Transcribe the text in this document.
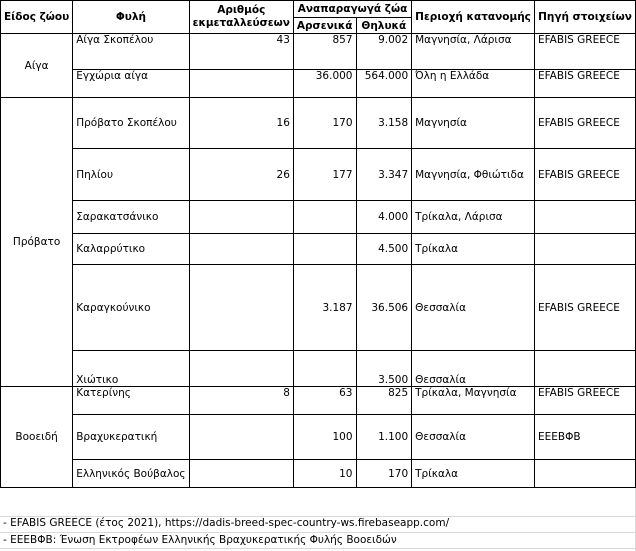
Είδος ζώου	Φυλή	Αριθμός εκμεταλλεύσεων	Αναπαραγωγά ζώα		Περιοχή κατανομής	Πηγή στοιχείων
			Αρσενικά	Θηλυκά		
Αίγα	Αίγα Σκοπέλου	43	857	9.002	Μαγνησία, Λάρισα	EFABIS GREECE
	Εγχώρια αίγα		36.000	564.000	Όλη η Ελλάδα	EFABIS GREECE
Πρόβατο	Πρόβατο Σκοπέλου	16	170	3.158	Μαγνησία	EFABIS GREECE
	Πηλίου	26	177	3.347	Μαγνησία, Φθιώτιδα	EFABIS GREECE
	Σαρακατσάνικο			4.000	Τρίκαλα, Λάρισα	
	Καλαρρύτικο			4.500	Τρίκαλα	
	Καραγκούνικο		3.187	36.506	Θεσσαλία	EFABIS GREECE
	Χιώτικο			3.500	Θεσσαλία	
Βοοειδή	Κατερίνης	8	63	825	Τρίκαλα, Μαγνησία	EFABIS GREECE
	Βραχυκερατική		100	1.100	Θεσσαλία	ΕΕΕΒΦΒ
	Ελληνικός Βούβαλος		10	170	Τρίκαλα	
- EFABIS GREECE (έτος 2021), https://dadis-breed-spec-country-ws.firebaseapp.com/
- ΕΕΕΒΦΒ: Ένωση Εκτροφέων Ελληνικής Βραχυκερατικής Φυλής Βοοειδών
